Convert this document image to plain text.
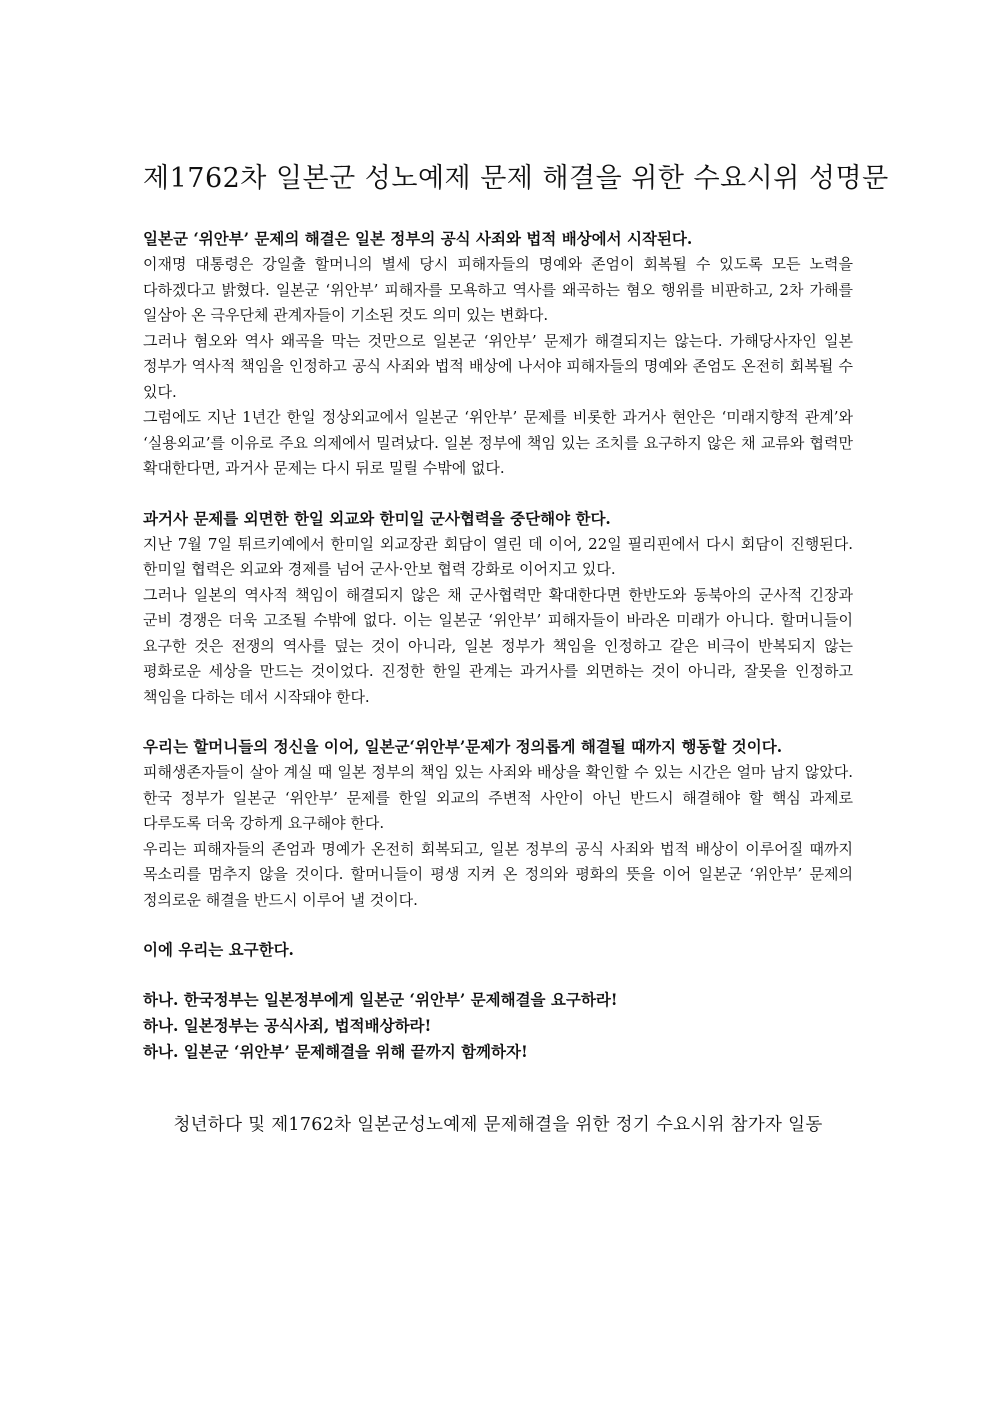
제1762차 일본군 성노예제 문제 해결을 위한 수요시위 성명문

일본군 ‘위안부’ 문제의 해결은 일본 정부의 공식 사죄와 법적 배상에서 시작된다.

이재명 대통령은 강일출 할머니의 별세 당시 피해자들의 명예와 존엄이 회복될 수 있도록 모든 노력을 다하겠다고 밝혔다. 일본군 ‘위안부’ 피해자를 모욕하고 역사를 왜곡하는 혐오 행위를 비판하고, 2차 가해를 일삼아 온 극우단체 관계자들이 기소된 것도 의미 있는 변화다.

그러나 혐오와 역사 왜곡을 막는 것만으로 일본군 ‘위안부’ 문제가 해결되지는 않는다. 가해당사자인 일본 정부가 역사적 책임을 인정하고 공식 사죄와 법적 배상에 나서야 피해자들의 명예와 존엄도 온전히 회복될 수 있다.

그럼에도 지난 1년간 한일 정상외교에서 일본군 ‘위안부’ 문제를 비롯한 과거사 현안은 ‘미래지향적 관계’와 ‘실용외교’를 이유로 주요 의제에서 밀려났다. 일본 정부에 책임 있는 조치를 요구하지 않은 채 교류와 협력만 확대한다면, 과거사 문제는 다시 뒤로 밀릴 수밖에 없다.

과거사 문제를 외면한 한일 외교와 한미일 군사협력을 중단해야 한다.

지난 7월 7일 튀르키예에서 한미일 외교장관 회담이 열린 데 이어, 22일 필리핀에서 다시 회담이 진행된다. 한미일 협력은 외교와 경제를 넘어 군사·안보 협력 강화로 이어지고 있다.

그러나 일본의 역사적 책임이 해결되지 않은 채 군사협력만 확대한다면 한반도와 동북아의 군사적 긴장과 군비 경쟁은 더욱 고조될 수밖에 없다. 이는 일본군 ‘위안부’ 피해자들이 바라온 미래가 아니다. 할머니들이 요구한 것은 전쟁의 역사를 덮는 것이 아니라, 일본 정부가 책임을 인정하고 같은 비극이 반복되지 않는 평화로운 세상을 만드는 것이었다. 진정한 한일 관계는 과거사를 외면하는 것이 아니라, 잘못을 인정하고 책임을 다하는 데서 시작돼야 한다.

우리는 할머니들의 정신을 이어, 일본군‘위안부’문제가 정의롭게 해결될 때까지 행동할 것이다.

피해생존자들이 살아 계실 때 일본 정부의 책임 있는 사죄와 배상을 확인할 수 있는 시간은 얼마 남지 않았다. 한국 정부가 일본군 ‘위안부’ 문제를 한일 외교의 주변적 사안이 아닌 반드시 해결해야 할 핵심 과제로 다루도록 더욱 강하게 요구해야 한다.

우리는 피해자들의 존엄과 명예가 온전히 회복되고, 일본 정부의 공식 사죄와 법적 배상이 이루어질 때까지 목소리를 멈추지 않을 것이다. 할머니들이 평생 지켜 온 정의와 평화의 뜻을 이어 일본군 ‘위안부’ 문제의 정의로운 해결을 반드시 이루어 낼 것이다.

이에 우리는 요구한다.

하나. 한국정부는 일본정부에게 일본군 ‘위안부’ 문제해결을 요구하라!

하나. 일본정부는 공식사죄, 법적배상하라!

하나. 일본군 ‘위안부’ 문제해결을 위해 끝까지 함께하자!

청년하다 및 제1762차 일본군성노예제 문제해결을 위한 정기 수요시위 참가자 일동
